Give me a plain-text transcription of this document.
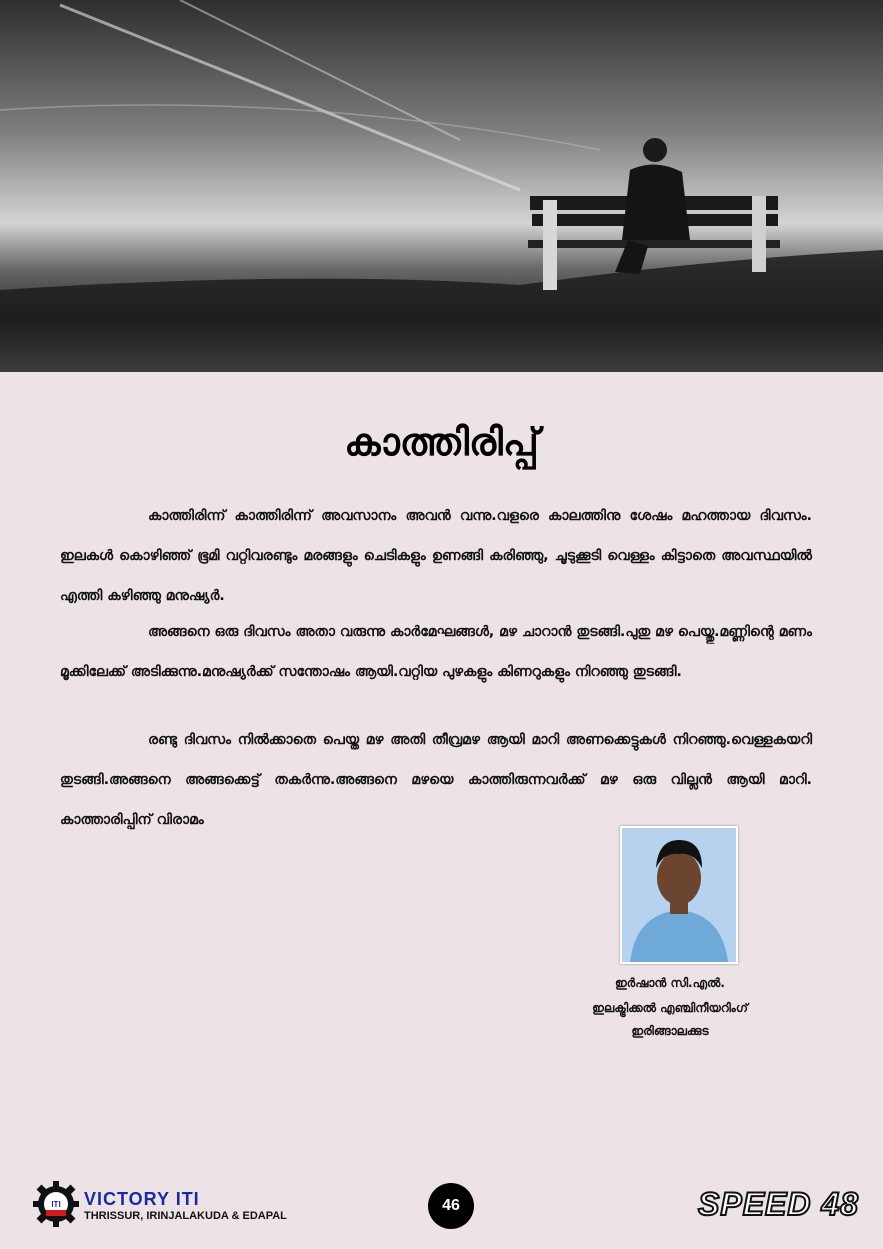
കാത്തിരിപ്പ്

കാത്തിരിന്ന് കാത്തിരിന്ന് അവസാനം അവൻ വന്നു.വളരെ കാലത്തിനു ശേഷം മഹത്തായ ദിവസം. ഇലകൾ കൊഴിഞ്ഞ് ഭൂമി വറ്റിവരണ്ടും മരങ്ങളും ചെടികളും ഉണങ്ങി കരിഞ്ഞു, ചൂടുക്കൂടി വെള്ളം കിട്ടാതെ അവസ്ഥയിൽ എത്തി കഴിഞ്ഞു മനുഷ്യർ.

അങ്ങനെ ഒരു ദിവസം അതാ വരുന്നു കാർമേഘങ്ങൾ, മഴ ചാറാൻ തുടങ്ങി.പുതു മഴ പെയ്തു.മണ്ണിന്റെ മണം മൂക്കിലേക്ക് അടിക്കുന്നു.മനുഷ്യർക്ക് സന്തോഷം ആയി.വറ്റിയ പുഴകളും കിണറുകളും നിറഞ്ഞു തുടങ്ങി.

രണ്ടു ദിവസം നിൽക്കാതെ പെയ്ത മഴ അതി തീവ്രമഴ ആയി മാറി അണക്കെട്ടുകൾ നിറഞ്ഞു.വെള്ളകയറി തുടങ്ങി.അങ്ങനെ അങ്ങക്കെട്ട് തകർന്നു.അങ്ങനെ മഴയെ കാത്തിരുന്നവർക്ക് മഴ ഒരു വില്ലൻ ആയി മാറി. കാത്താരിപ്പിന് വിരാമം

ഇർഷാൻ സി.എൽ.
ഇലക്ട്രിക്കൽ എഞ്ചിനീയറിംഗ്
ഇരിങ്ങാലക്കുട
ITI VICTORY ITI
THRISSUR, IRINJALAKUDA & EDAPAL
46	SPEED 48
